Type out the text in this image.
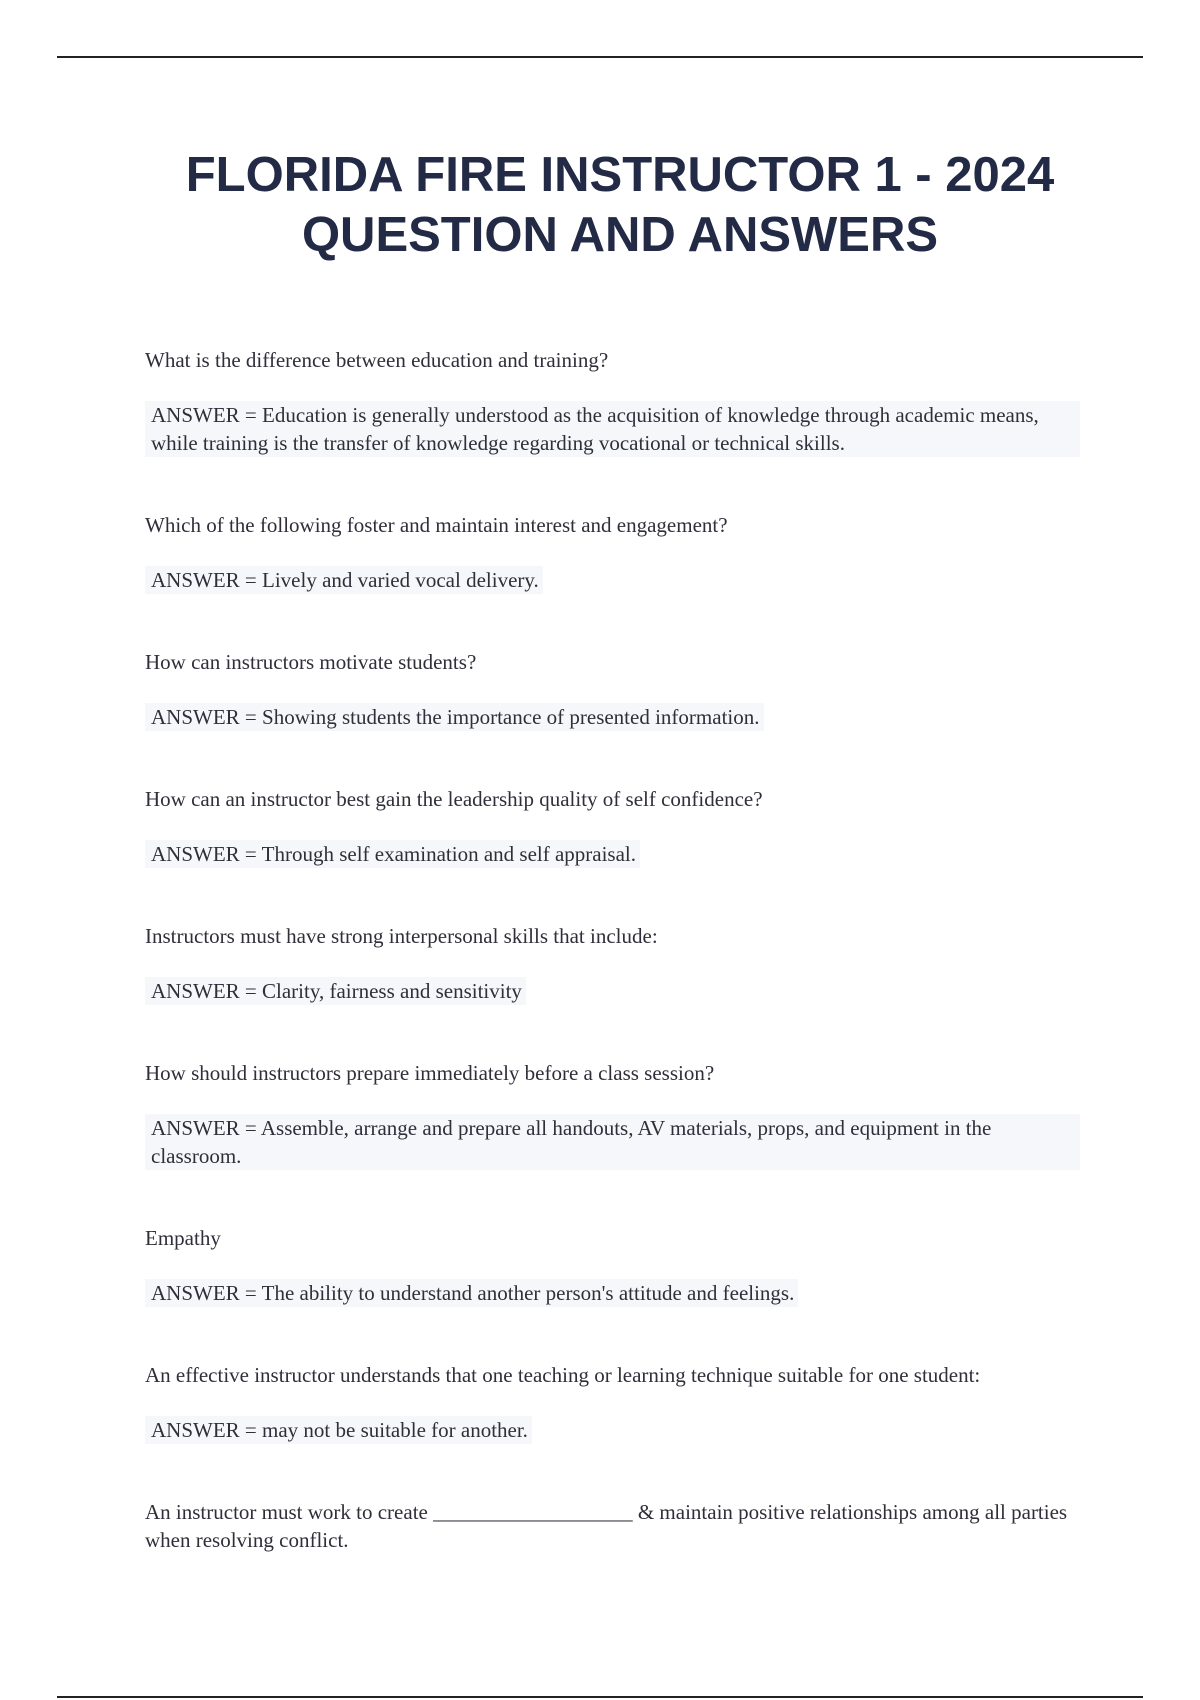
FLORIDA FIRE INSTRUCTOR 1 - 2024
QUESTION AND ANSWERS

What is the difference between education and training?

ANSWER = Education is generally understood as the acquisition of knowledge through academic means, while training is the transfer of knowledge regarding vocational or technical skills.

Which of the following foster and maintain interest and engagement?

ANSWER = Lively and varied vocal delivery.

How can instructors motivate students?

ANSWER = Showing students the importance of presented information.

How can an instructor best gain the leadership quality of self confidence?

ANSWER = Through self examination and self appraisal.

Instructors must have strong interpersonal skills that include:

ANSWER = Clarity, fairness and sensitivity

How should instructors prepare immediately before a class session?

ANSWER = Assemble, arrange and prepare all handouts, AV materials, props, and equipment in the classroom.

Empathy

ANSWER = The ability to understand another person's attitude and feelings.

An effective instructor understands that one teaching or learning technique suitable for one student:

ANSWER = may not be suitable for another.

An instructor must work to create ___________________ & maintain positive relationships among all parties when resolving conflict.
